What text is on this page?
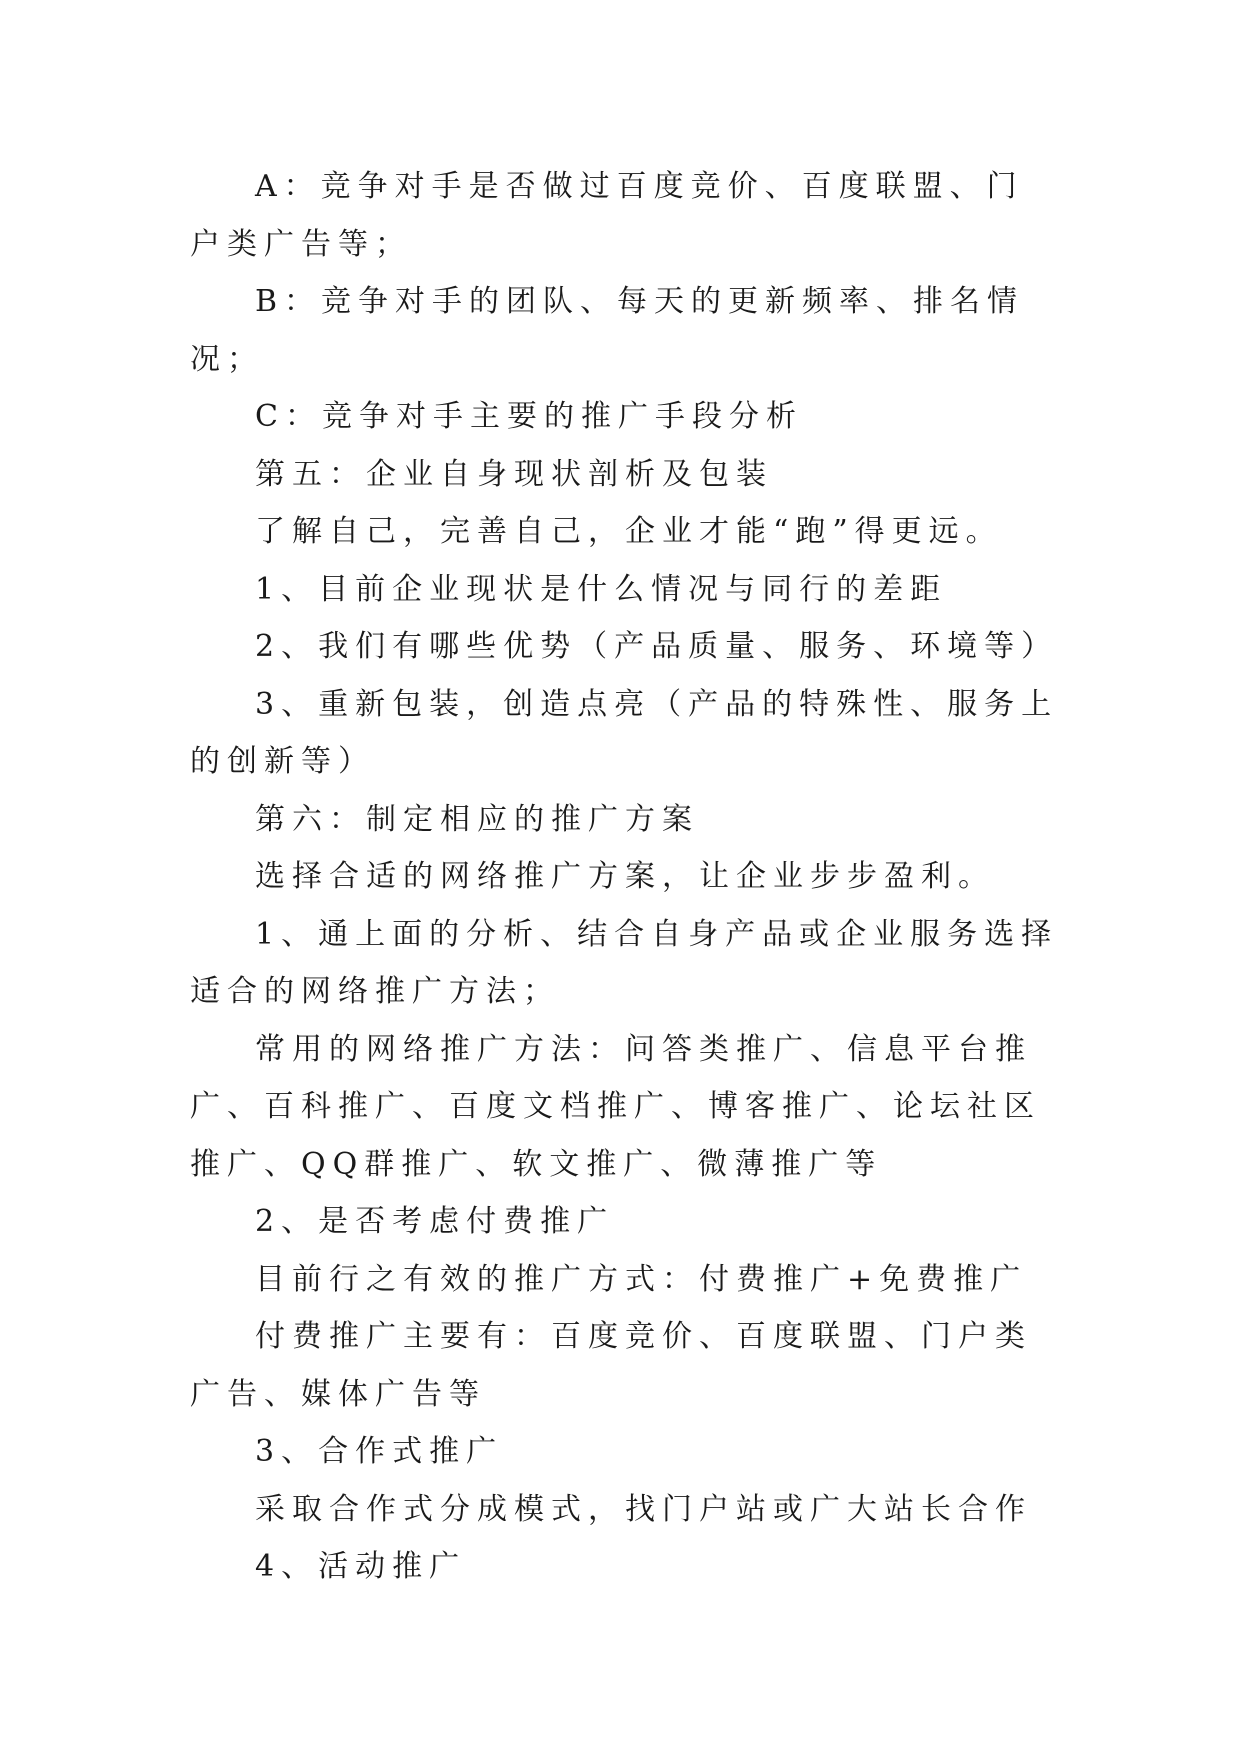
A：竞争对手是否做过百度竞价、百度联盟、门户类广告等；

B：竞争对手的团队、每天的更新频率、排名情况；

C：竞争对手主要的推广手段分析

第五：企业自身现状剖析及包装

了解自己，完善自己，企业才能“跑”得更远。

1、目前企业现状是什么情况与同行的差距

2、我们有哪些优势（产品质量、服务、环境等）

3、重新包装，创造点亮（产品的特殊性、服务上的创新等）

第六：制定相应的推广方案

选择合适的网络推广方案，让企业步步盈利。

1、通上面的分析、结合自身产品或企业服务选择适合的网络推广方法；

常用的网络推广方法：问答类推广、信息平台推广、百科推广、百度文档推广、博客推广、论坛社区推广、QQ群推广、软文推广、微薄推广等

2、是否考虑付费推广

目前行之有效的推广方式：付费推广+免费推广

付费推广主要有：百度竞价、百度联盟、门户类广告、媒体广告等

3、合作式推广

采取合作式分成模式，找门户站或广大站长合作

4、活动推广
